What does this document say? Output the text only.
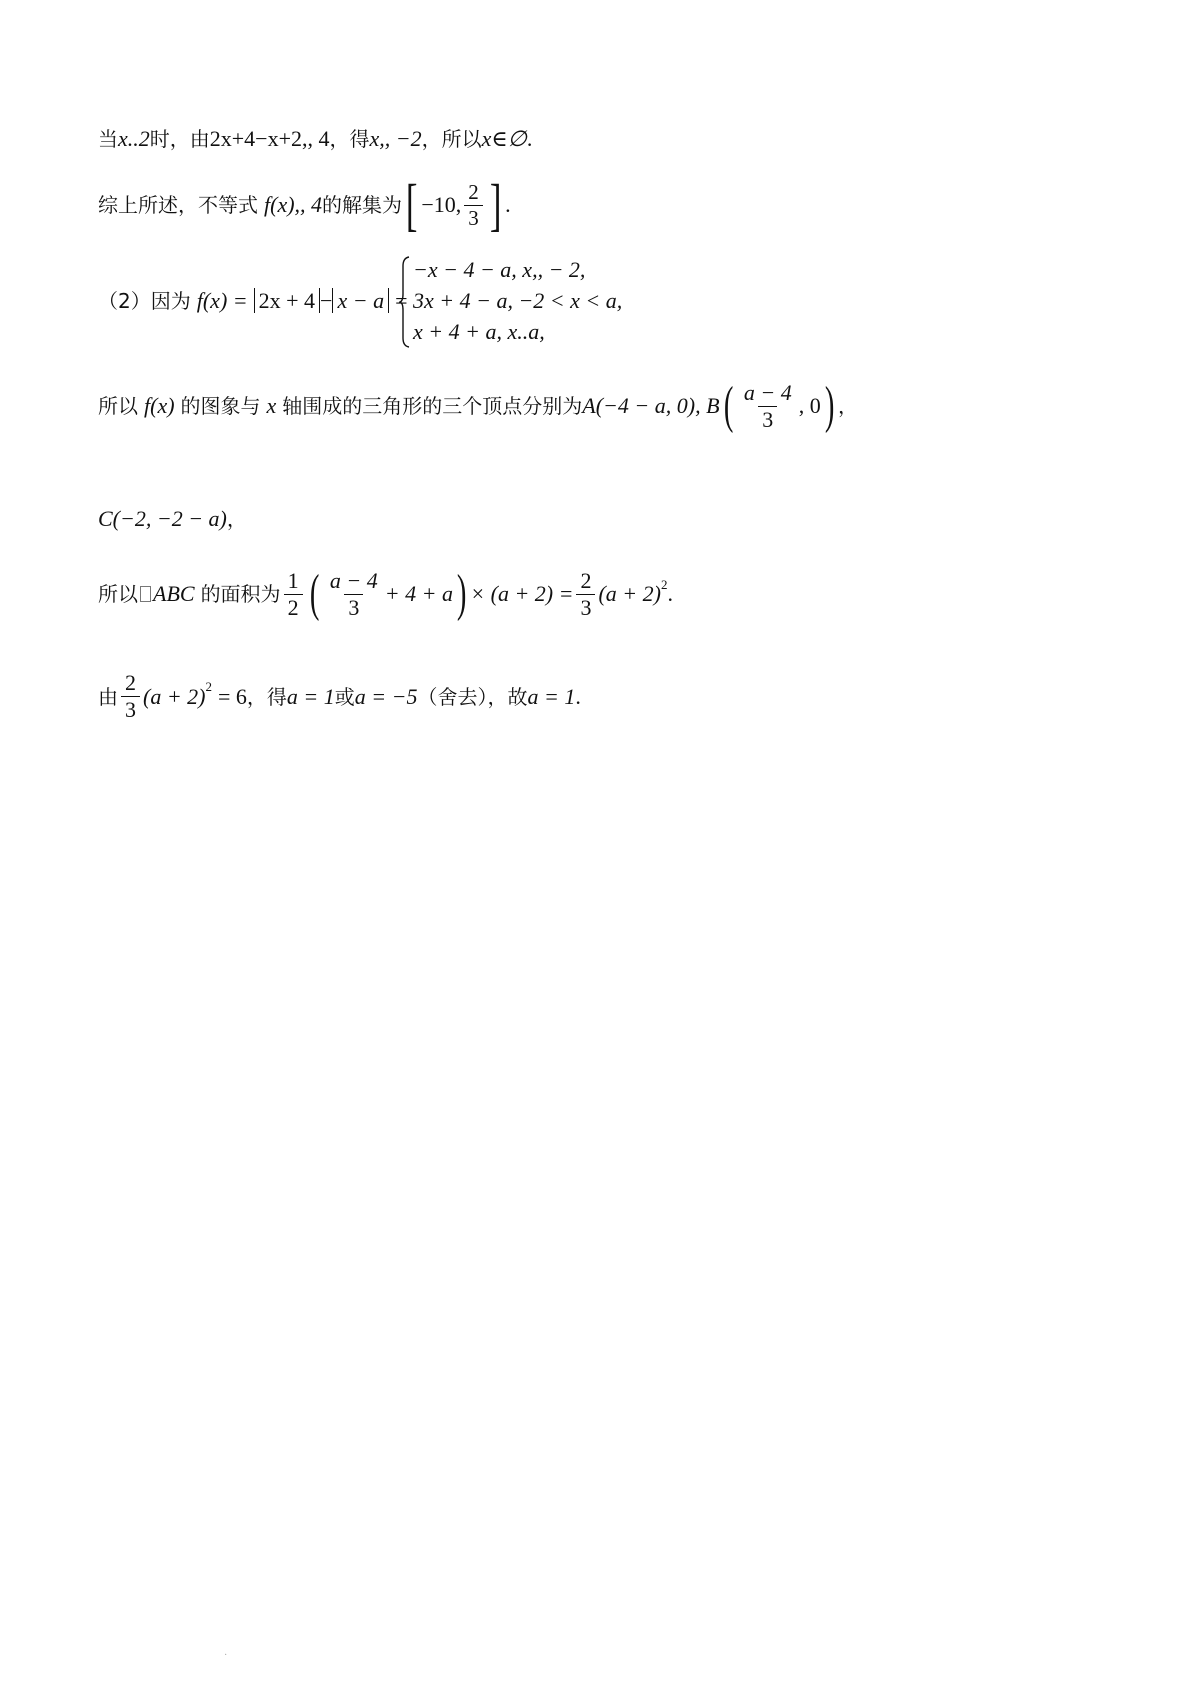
当 x..2 时，由 2x+4−x+2,, 4 ，得 x,, −2 ，所以 x∈∅ .
综上所述，不等式 f(x),, 4 的解集为 [ −10, $\frac{2}{3}$ ] .
（2）因为 f(x) = 2x + 4 − x − a =
−x − 4 − a, x,, − 2,
3x + 4 − a, −2 < x < a,
x + 4 + a, x..a,
所以 f(x) 的图象与 x 轴围成的三角形的三个顶点分别为 A(−4 − a, 0), B ( $\frac{a - 4}{3}$ , 0 ) ，
C(−2, −2 − a) ，
所以 ABC 的面积为 $\frac{1}{2}$ ( $\frac{a - 4}{3} + 4 + a$ ) × $(a + 2) = \frac{2}{3} (a + 2)$ 2 .
由 $\frac{2}{3} (a + 2) 2 = 6$ ，得 a = 1 或 a = −5 （舍去），故 a = 1 .
·
